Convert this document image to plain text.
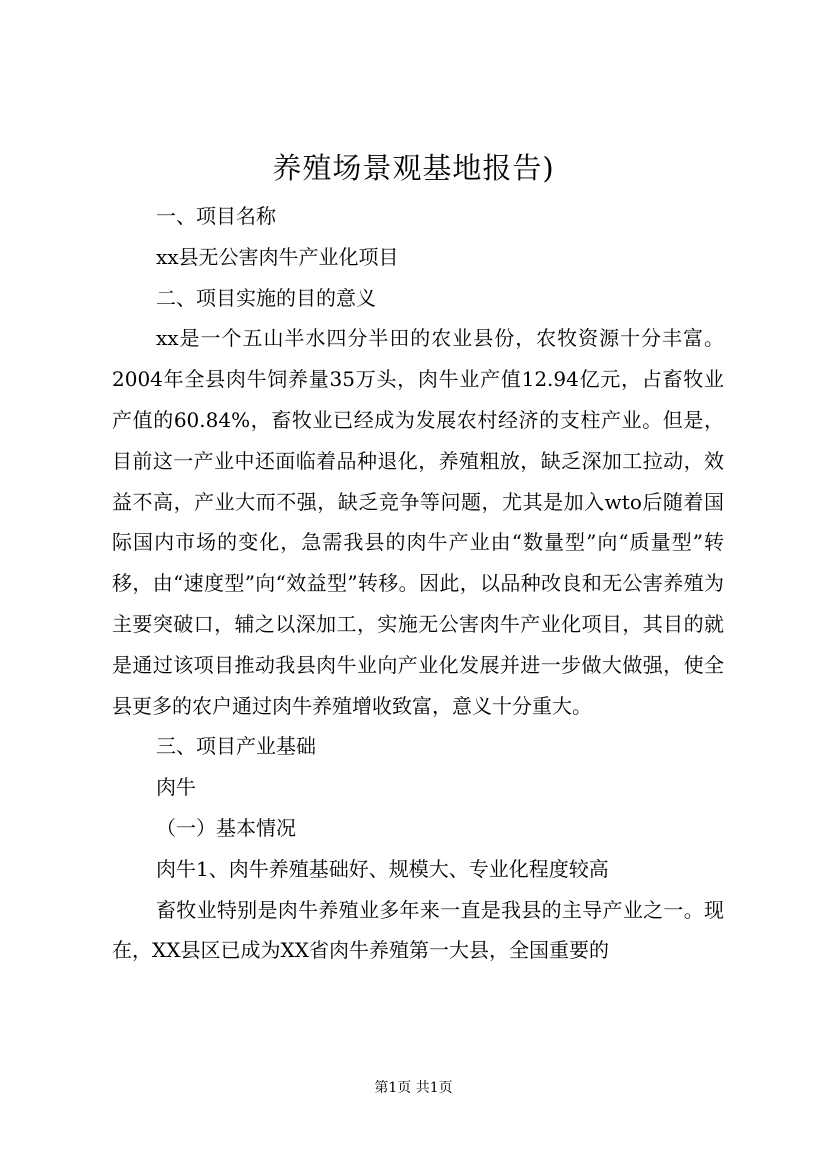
养殖场景观基地报告)

一、项目名称

xx县无公害肉牛产业化项目

二、项目实施的目的意义

xx是一个五山半水四分半田的农业县份，农牧资源十分丰富。2004年全县肉牛饲养量35万头，肉牛业产值12.94亿元，占畜牧业产值的60.84%，畜牧业已经成为发展农村经济的支柱产业。但是，目前这一产业中还面临着品种退化，养殖粗放，缺乏深加工拉动，效益不高，产业大而不强，缺乏竞争等问题，尤其是加入wto后随着国际国内市场的变化，急需我县的肉牛产业由“数量型”向“质量型”转移，由“速度型”向“效益型”转移。因此，以品种改良和无公害养殖为主要突破口，辅之以深加工，实施无公害肉牛产业化项目，其目的就是通过该项目推动我县肉牛业向产业化发展并进一步做大做强，使全县更多的农户通过肉牛养殖增收致富，意义十分重大。

三、项目产业基础

肉牛

（一）基本情况

肉牛1、肉牛养殖基础好、规模大、专业化程度较高

畜牧业特别是肉牛养殖业多年来一直是我县的主导产业之一。现在，XX县区已成为XX省肉牛养殖第一大县，全国重要的

第1页 共1页
